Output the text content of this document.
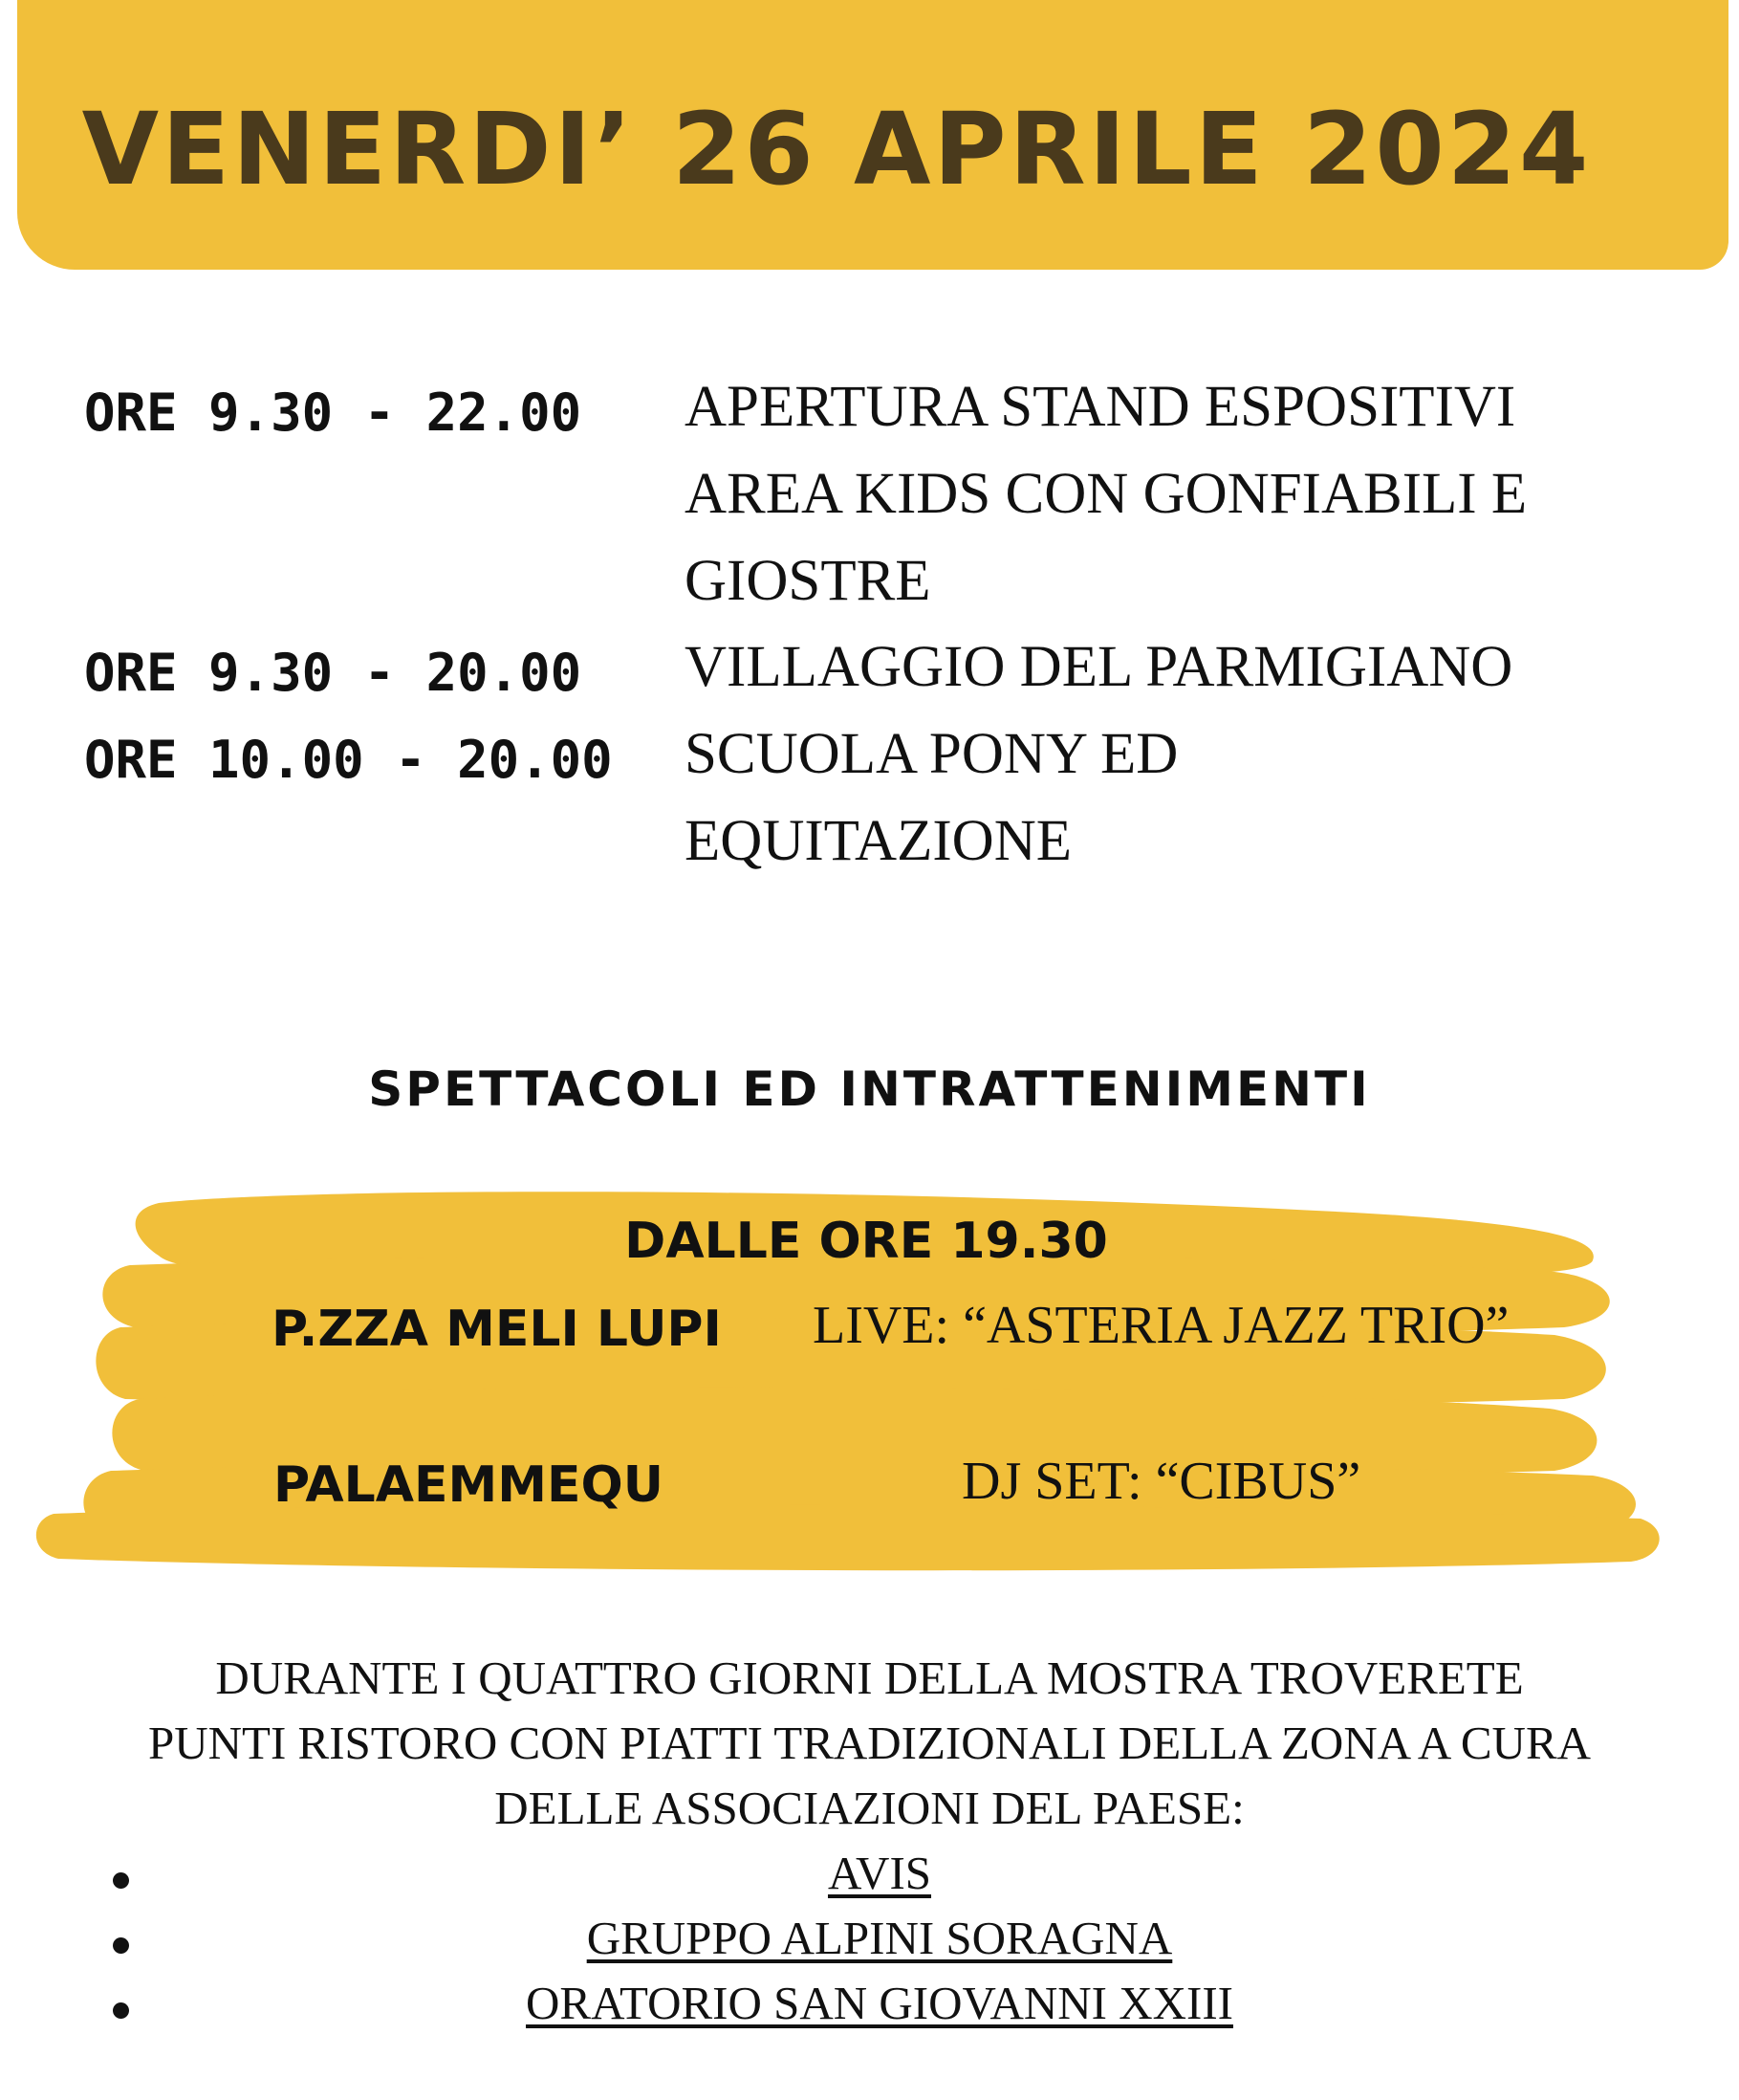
VENERDI’ 26 APRILE 2024
ORE 9.30 - 22.00 APERTURA STAND ESPOSITIVI
AREA KIDS CON GONFIABILI E
GIOSTRE
ORE 9.30 - 20.00 VILLAGGIO DEL PARMIGIANO
ORE 10.00 - 20.00 SCUOLA PONY ED
EQUITAZIONE
SPETTACOLI ED INTRATTENIMENTI
DALLE ORE 19.30
P.ZZA MELI LUPI LIVE: “ASTERIA JAZZ TRIO”
PALAEMMEQU	DJ SET: “CIBUS”
DURANTE I QUATTRO GIORNI DELLA MOSTRA TROVERETE
PUNTI RISTORO CON PIATTI TRADIZIONALI DELLA ZONA A CURA
DELLE ASSOCIAZIONI DEL PAESE:
AVIS
GRUPPO ALPINI SORAGNA
ORATORIO SAN GIOVANNI XXIII
